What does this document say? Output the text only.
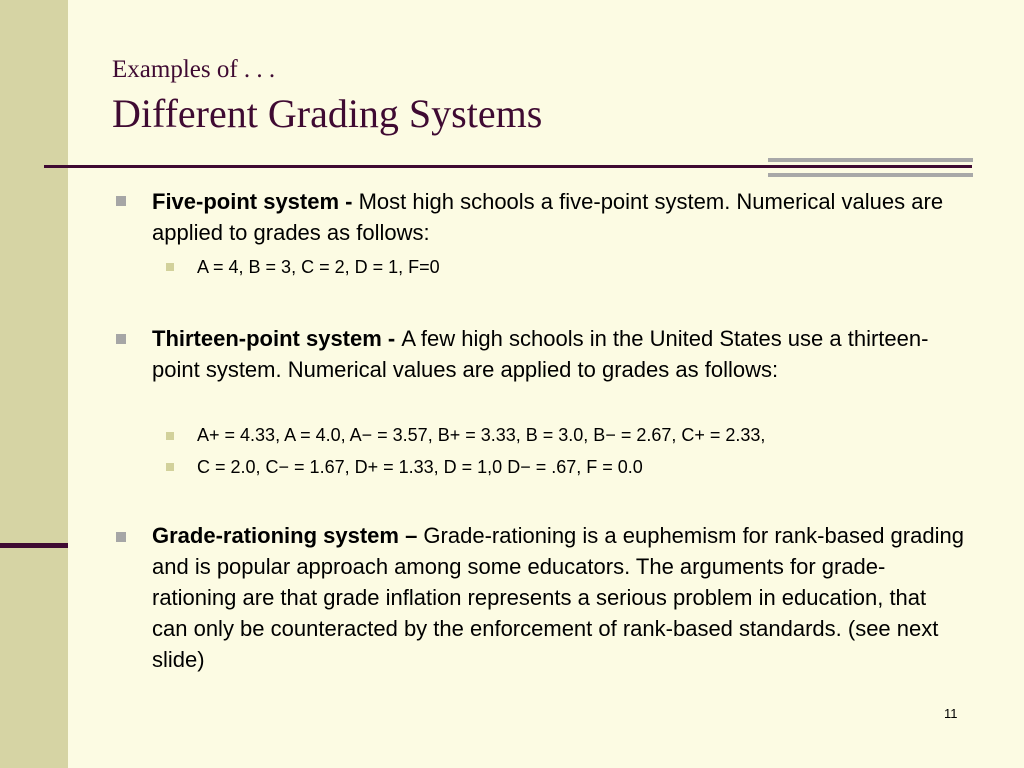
Examples of . . .
Different Grading Systems
Five-point system - Most high schools a five-point system. Numerical values are applied to grades as follows:
A = 4, B = 3, C = 2, D = 1, F=0
Thirteen-point system - A few high schools in the United States use a thirteen-point system. Numerical values are applied to grades as follows:
A+ = 4.33, A = 4.0, A− = 3.57, B+ = 3.33, B = 3.0, B− = 2.67, C+ = 2.33,
C = 2.0, C− = 1.67, D+ = 1.33, D = 1,0 D− = .67, F = 0.0
Grade-rationing system – Grade-rationing is a euphemism for rank-based grading and is popular approach among some educators. The arguments for grade-rationing are that grade inflation represents a serious problem in education, that can only be counteracted by the enforcement of rank-based standards. (see next slide)
11
